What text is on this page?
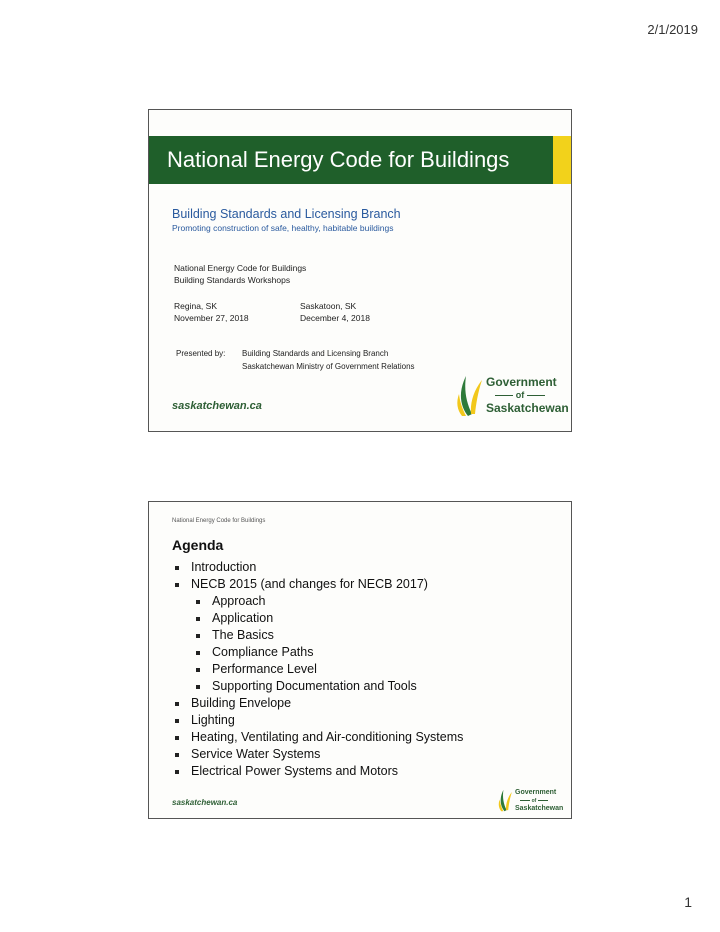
2/1/2019
National Energy Code for Buildings
Building Standards and Licensing Branch
Promoting construction of safe, healthy, habitable buildings
National Energy Code for Buildings
Building Standards Workshops
Regina, SK
November 27, 2018
Saskatoon, SK
December 4, 2018
Presented by: Building Standards and Licensing Branch
Saskatchewan Ministry of Government Relations
saskatchewan.ca
Government
of
Saskatchewan
National Energy Code for Buildings
Agenda
Introduction
NECB 2015 (and changes for NECB 2017)
Approach
Application
The Basics
Compliance Paths
Performance Level
Supporting Documentation and Tools
Building Envelope
Lighting
Heating, Ventilating and Air-conditioning Systems
Service Water Systems
Electrical Power Systems and Motors
saskatchewan.ca
Government
of
Saskatchewan
1
